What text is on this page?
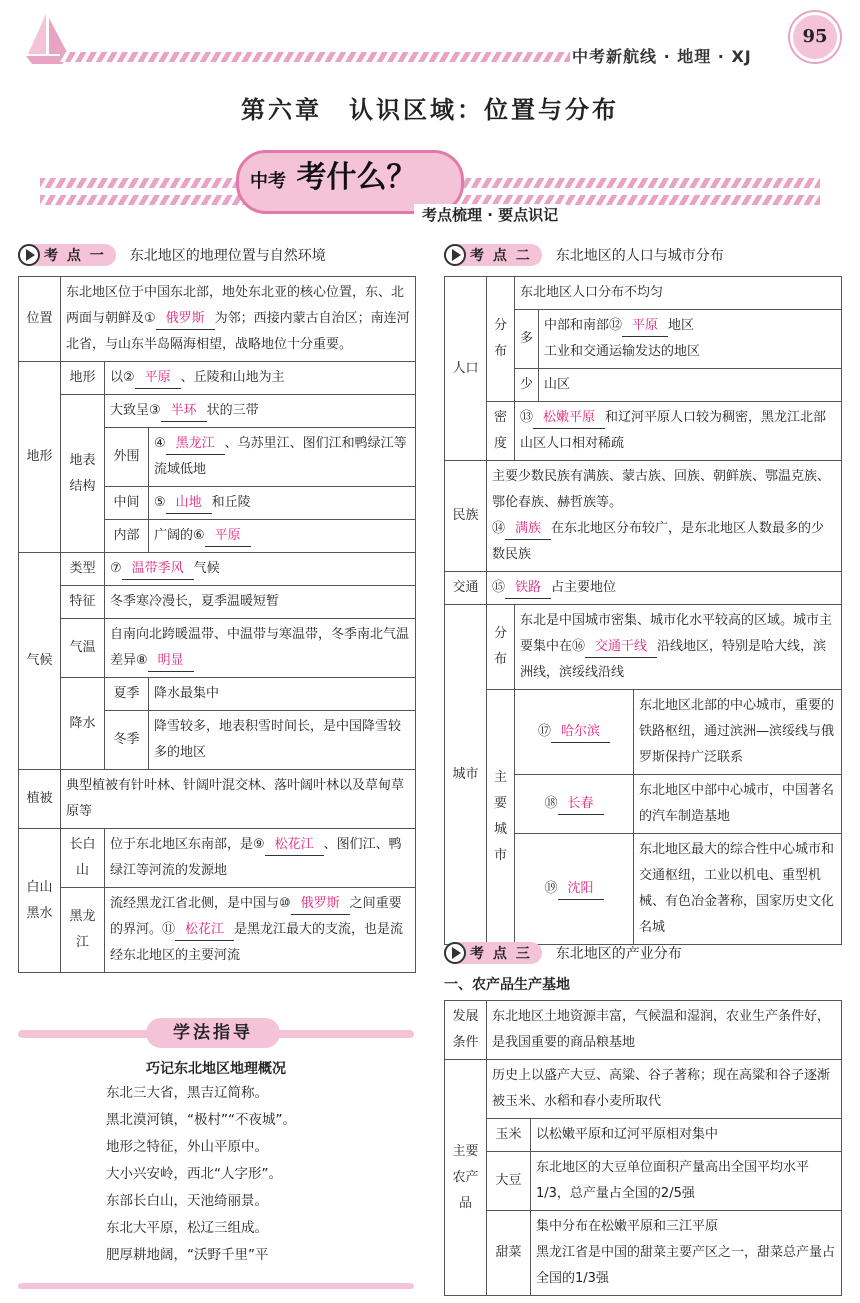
中考新航线 · 地理 · XJ
95
第六章　认识区域：位置与分布
中考 考什么？
考点梳理 · 要点识记
考 点 一 东北地区的地理位置与自然环境
位置	东北地区位于中国东北部，地处东北亚的核心位置，东、北两面与朝鲜及① 俄罗斯 为邻；西接内蒙古自治区；南连河北省，与山东半岛隔海相望，战略地位十分重要。		
地形	地形	以② 平原 、丘陵和山地为主	
	地表结构	大致呈③ 半环 状的三带	
		外围	④ 黑龙江 、乌苏里江、图们江和鸭绿江等流域低地
		中间	⑤ 山地 和丘陵
		内部	广阔的⑥ 平原
气候	类型	⑦ 温带季风 气候	
	特征	冬季寒冷漫长，夏季温暖短暂	
	气温	自南向北跨暖温带、中温带与寒温带，冬季南北气温差异⑧ 明显	
	降水	夏季	降水最集中
		冬季	降雪较多，地表积雪时间长，是中国降雪较多的地区
植被	典型植被有针叶林、针阔叶混交林、落叶阔叶林以及草甸草原等		
白山黑水	长白山	位于东北地区东南部，是⑨ 松花江 、图们江、鸭绿江等河流的发源地	
	黑龙江	流经黑龙江省北侧，是中国与⑩ 俄罗斯 之间重要的界河。⑪ 松花江 是黑龙江最大的支流，也是流经东北地区的主要河流	
学法指导
巧记东北地区地理概况
东北三大省，黑吉辽简称。
黑北漠河镇，“极村”“不夜城”。
地形之特征，外山平原中。
大小兴安岭，西北“人字形”。
东部长白山，天池绮丽景。
东北大平原，松辽三组成。
肥厚耕地阔，“沃野千里”平
考 点 二 东北地区的人口与城市分布
人口	分布	东北地区人口分布不均匀		
		多	中部和南部⑫ 平原 地区
工业和交通运输发达的地区	
		少	山区	
	密度	⑬ 松嫩平原 和辽河平原人口较为稠密，黑龙江北部山区人口相对稀疏		
民族	主要少数民族有满族、蒙古族、回族、朝鲜族、鄂温克族、鄂伦春族、赫哲族等。
⑭ 满族 在东北地区分布较广，是东北地区人数最多的少数民族			
交通	⑮ 铁路 占主要地位			
城市	分布	东北是中国城市密集、城市化水平较高的区域。城市主要集中在⑯ 交通干线 沿线地区，特别是哈大线，滨洲线，滨绥线沿线		
	主要城市	⑰ 哈尔滨		东北地区北部的中心城市，重要的铁路枢纽，通过滨洲—滨绥线与俄罗斯保持广泛联系
		⑱ 长春		东北地区中部中心城市，中国著名的汽车制造基地
		⑲ 沈阳		东北地区最大的综合性中心城市和交通枢纽，工业以机电、重型机械、有色冶金著称，国家历史文化名城
考 点 三 东北地区的产业分布
一、农产品生产基地
发展条件	东北地区土地资源丰富，气候温和湿润，农业生产条件好，是我国重要的商品粮基地	
主要农产品	历史上以盛产大豆、高粱、谷子著称；现在高粱和谷子逐渐被玉米、水稻和春小麦所取代	
	玉米	以松嫩平原和辽河平原相对集中
	大豆	东北地区的大豆单位面积产量高出全国平均水平1/3，总产量占全国的2/5强
	甜菜	集中分布在松嫩平原和三江平原
黑龙江省是中国的甜菜主要产区之一，甜菜总产量占全国的1/3强
